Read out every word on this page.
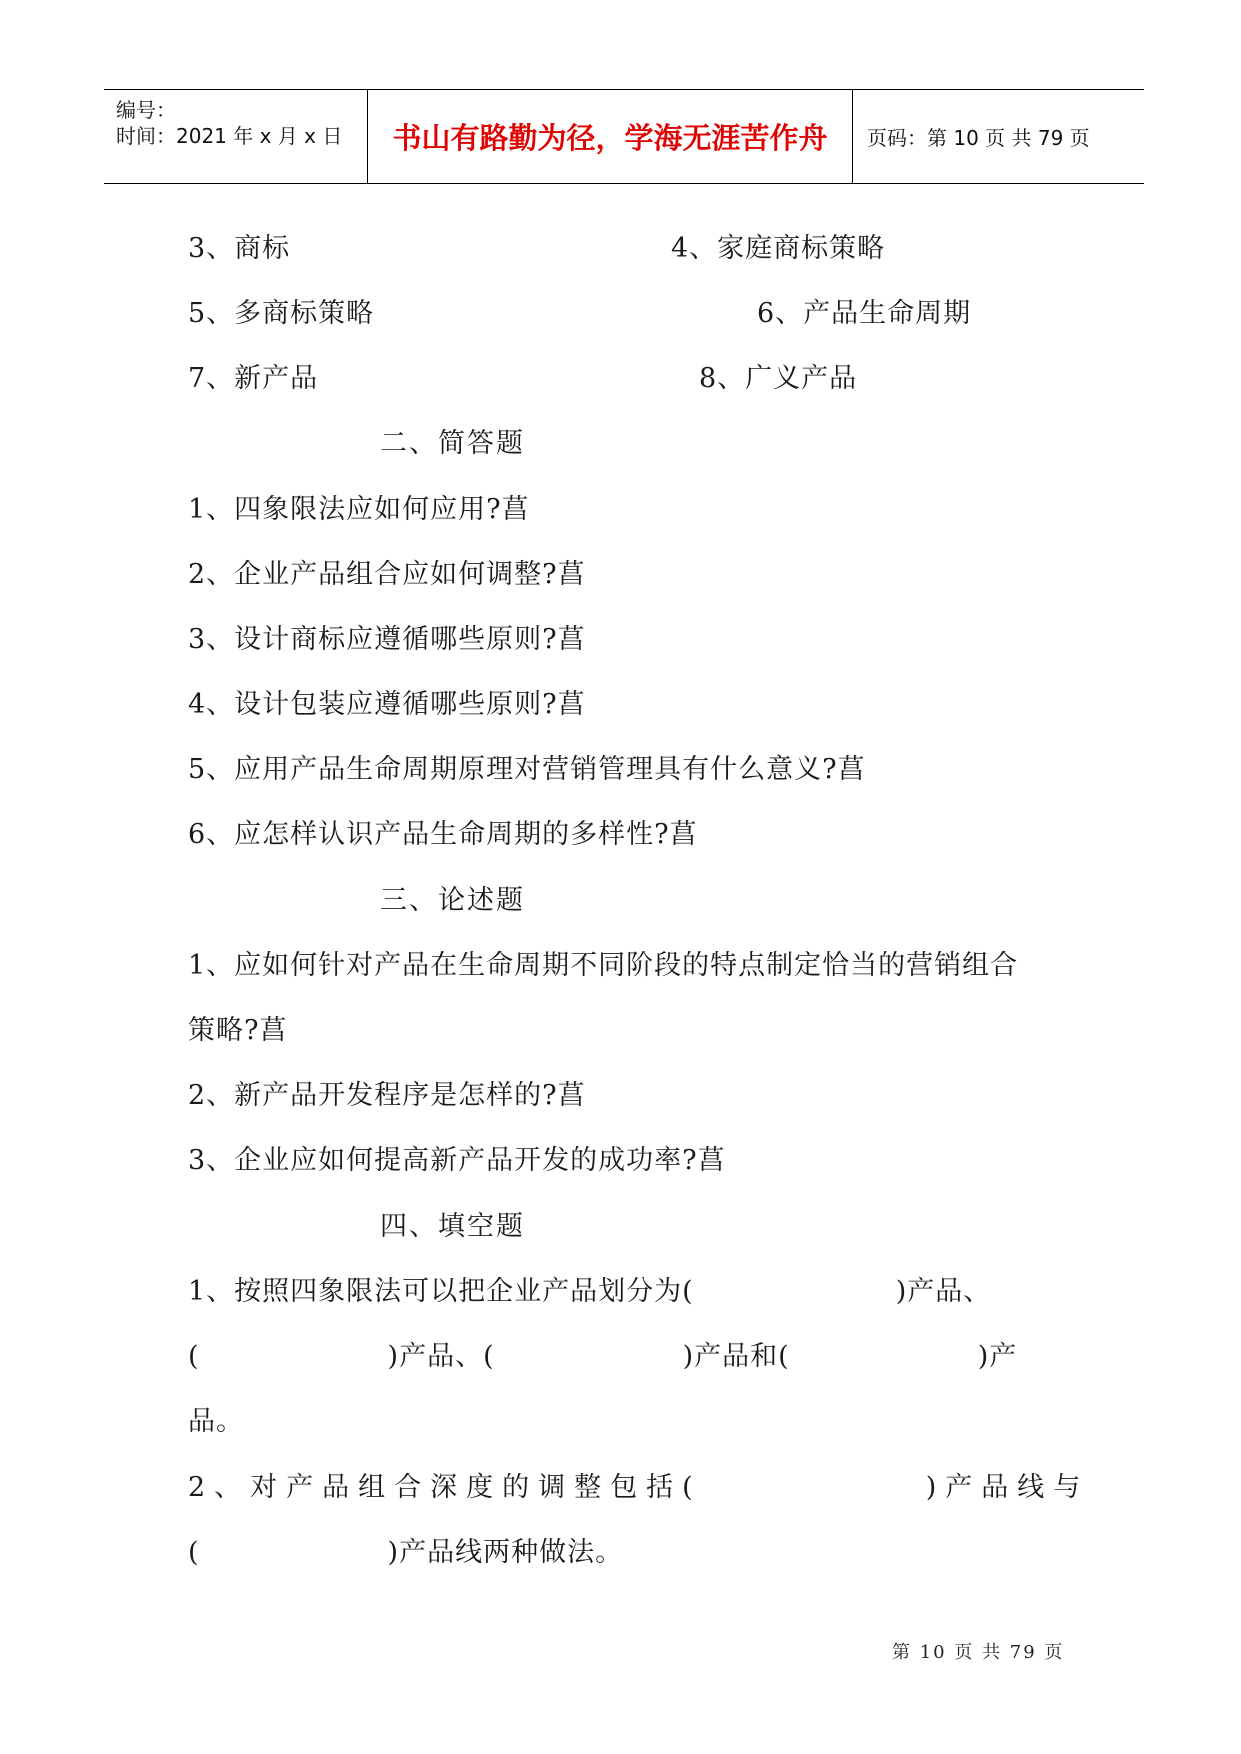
编号：
时间：2021 年 x 月 x 日	书山有路勤为径，学海无涯苦作舟	页码：第 10 页 共 79 页
3、商标	4、家庭商标策略
5、多商标策略	6、产品生命周期
7、新产品	8、广义产品
二、简答题
1、四象限法应如何应用?菖
2、企业产品组合应如何调整?菖
3、设计商标应遵循哪些原则?菖
4、设计包装应遵循哪些原则?菖
5、应用产品生命周期原理对营销管理具有什么意义?菖
6、应怎样认识产品生命周期的多样性?菖
三、论述题
1、应如何针对产品在生命周期不同阶段的特点制定恰当的营销组合
策略?菖
2、新产品开发程序是怎样的?菖
3、企业应如何提高新产品开发的成功率?菖
四、填空题
1、按照四象限法可以把企业产品划分为(	)产品、
(	)产品、(	)产品和(	)产
品。
2、对产品组合深度的调整包括(	)产品线与
(	)产品线两种做法。
第 10 页 共 79 页
